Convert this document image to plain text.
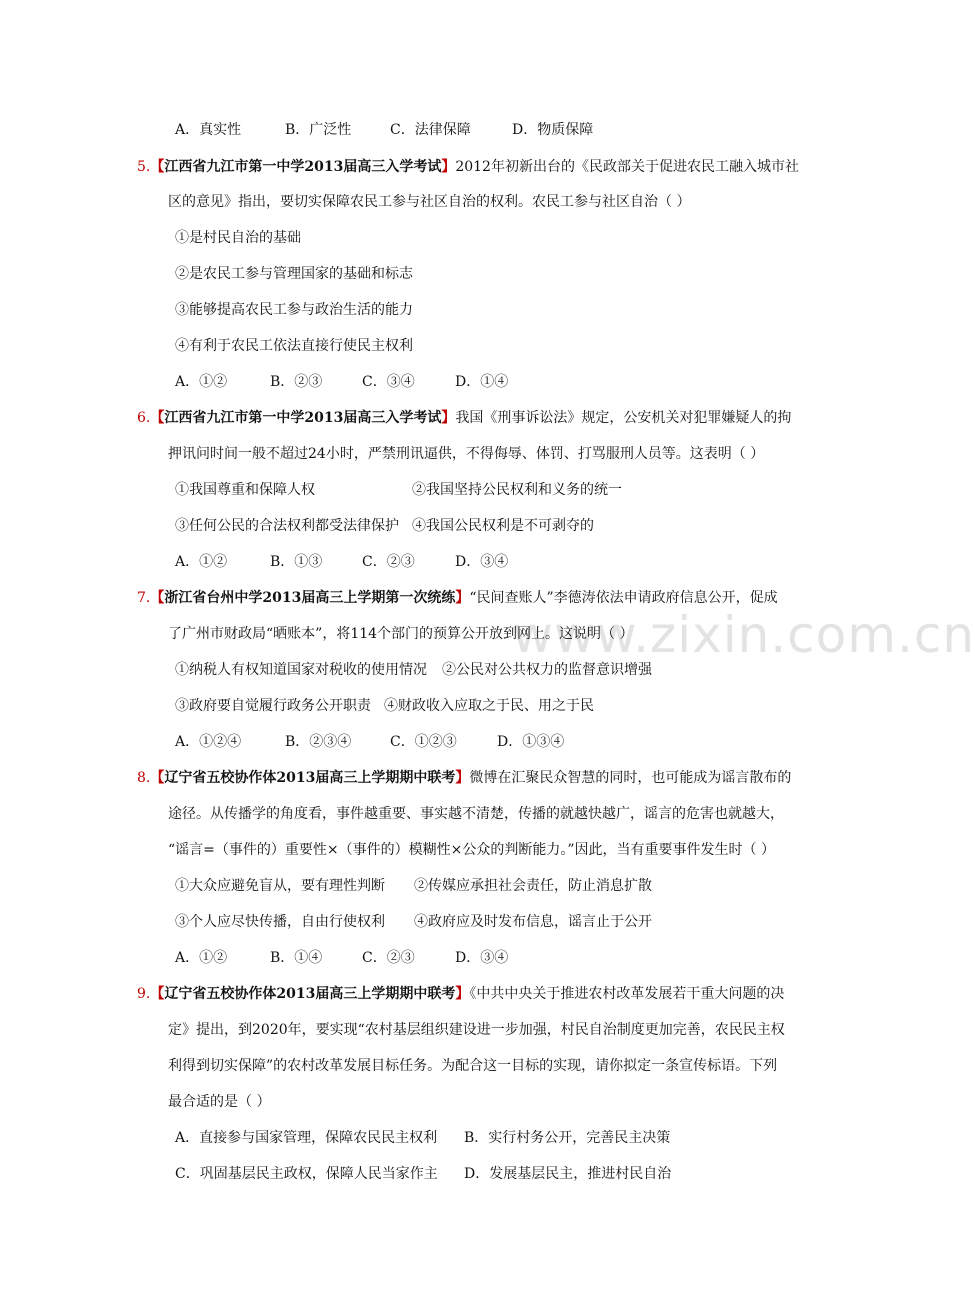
www.zixin.com.cn
A．真实性	B．广泛性	C．法律保障	D．物质保障
5.【江西省九江市第一中学2013届高三入学考试】2012年初新出台的《民政部关于促进农民工融入城市社
区的意见》指出，要切实保障农民工参与社区自治的权利。农民工参与社区自治（ ）
①是村民自治的基础
②是农民工参与管理国家的基础和标志
③能够提高农民工参与政治生活的能力
④有利于农民工依法直接行使民主权利
A．①②	B．②③	C．③④	D．①④
6.【江西省九江市第一中学2013届高三入学考试】我国《刑事诉讼法》规定，公安机关对犯罪嫌疑人的拘
押讯问时间一般不超过24小时，严禁刑讯逼供，不得侮辱、体罚、打骂服刑人员等。这表明（ ）
①我国尊重和保障人权	②我国坚持公民权利和义务的统一
③任何公民的合法权利都受法律保护 ④我国公民权利是不可剥夺的
A．①②	B．①③	C．②③	D．③④
7.【浙江省台州中学2013届高三上学期第一次统练】“民间查账人”李德涛依法申请政府信息公开，促成
了广州市财政局“晒账本”，将114个部门的预算公开放到网上。这说明（ ）
①纳税人有权知道国家对税收的使用情况 ②公民对公共权力的监督意识增强
③政府要自觉履行政务公开职责 ④财政收入应取之于民、用之于民
A．①②④	B．②③④	C．①②③	D．①③④
8.【辽宁省五校协作体2013届高三上学期期中联考】微博在汇聚民众智慧的同时，也可能成为谣言散布的
途径。从传播学的角度看，事件越重要、事实越不清楚，传播的就越快越广，谣言的危害也就越大，
“谣言=（事件的）重要性×（事件的）模糊性×公众的判断能力。”因此，当有重要事件发生时（ ）
①大众应避免盲从，要有理性判断 ②传媒应承担社会责任，防止消息扩散
③个人应尽快传播，自由行使权利 ④政府应及时发布信息，谣言止于公开
A．①②	B．①④	C．②③	D．③④
9.【辽宁省五校协作体2013届高三上学期期中联考】《中共中央关于推进农村改革发展若干重大问题的决
定》提出，到2020年，要实现“农村基层组织建设进一步加强，村民自治制度更加完善，农民民主权
利得到切实保障”的农村改革发展目标任务。为配合这一目标的实现，请你拟定一条宣传标语。下列
最合适的是（ ）
A．直接参与国家管理，保障农民民主权利 B．实行村务公开，完善民主决策
C．巩固基层民主政权，保障人民当家作主 D．发展基层民主，推进村民自治
